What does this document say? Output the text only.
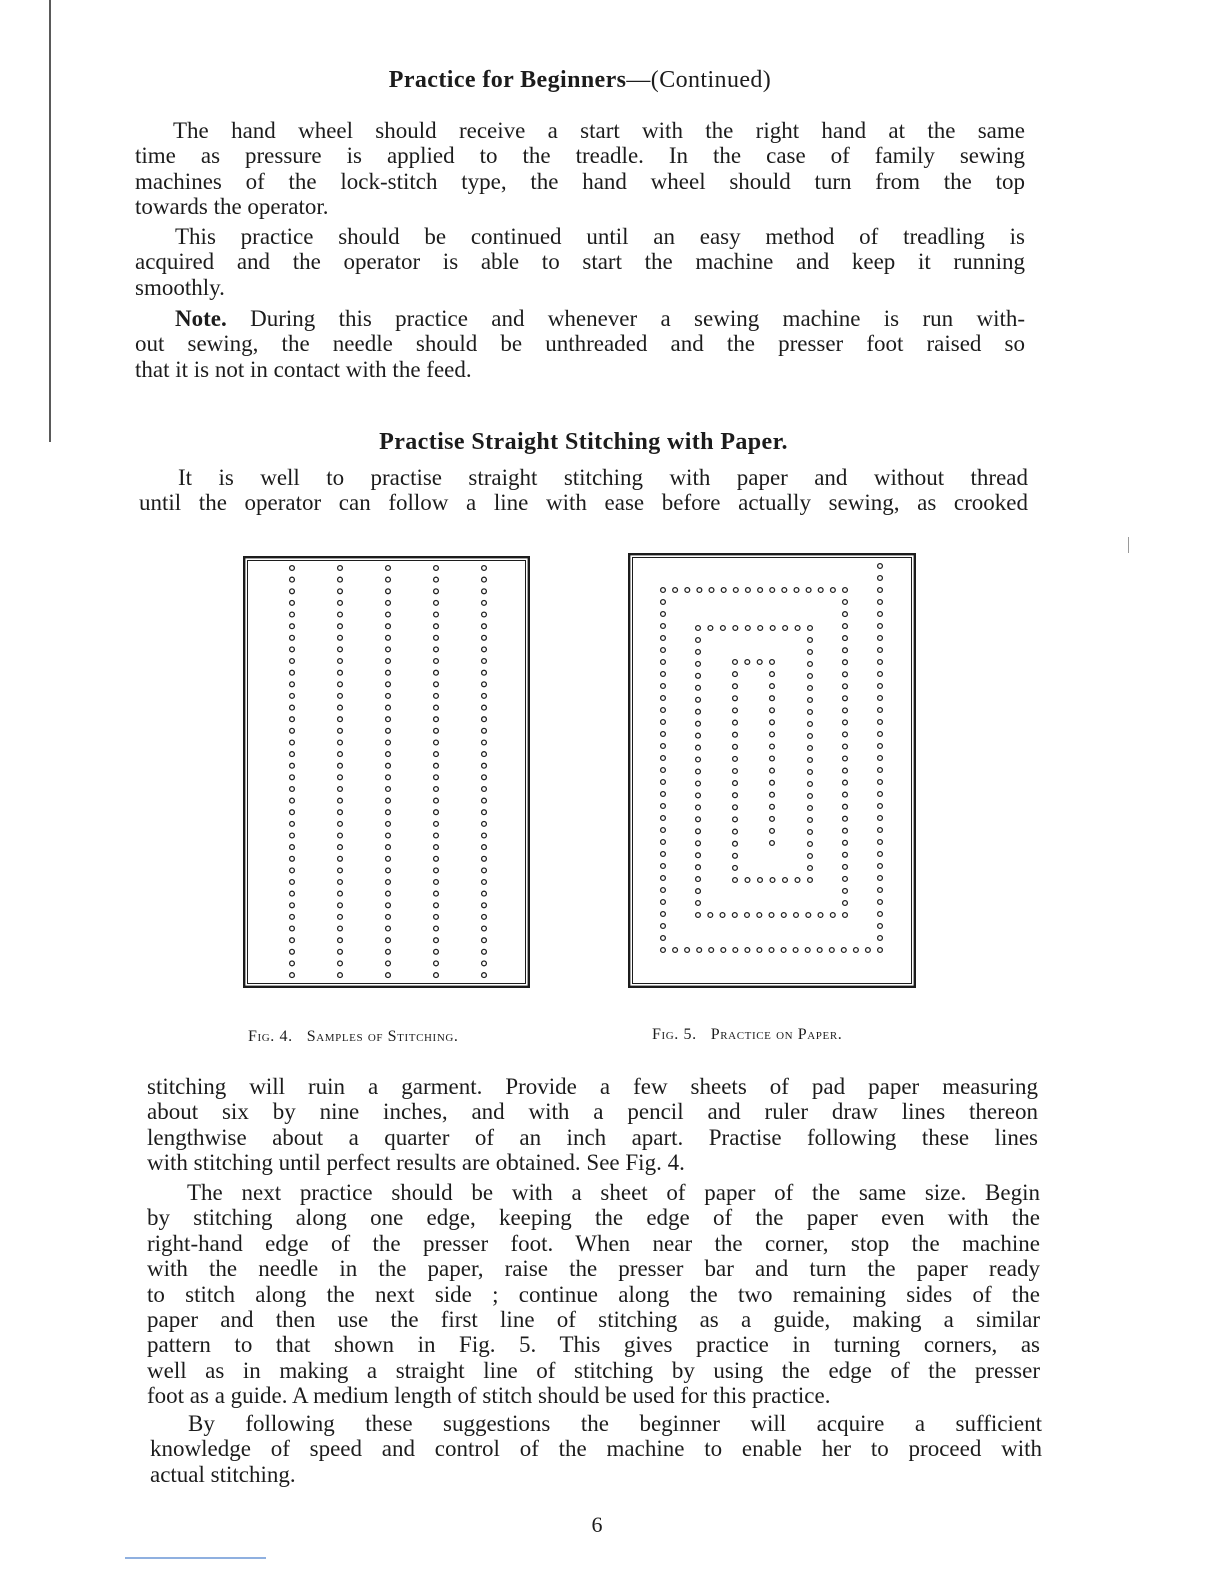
Practice for Beginners—(Continued)
The hand wheel should receive a start with the right hand at the same
time as pressure is applied to the treadle. In the case of family sewing
machines of the lock-stitch type, the hand wheel should turn from the top
towards the operator.
This practice should be continued until an easy method of treadling is
acquired and the operator is able to start the machine and keep it running
smoothly.
Note. During this practice and whenever a sewing machine is run with-
out sewing, the needle should be unthreaded and the presser foot raised so
that it is not in contact with the feed.
Practise Straight Stitching with Paper.
It is well to practise straight stitching with paper and without thread
until the operator can follow a line with ease before actually sewing, as crooked
Fig. 4. Samples of Stitching.	Fig. 5. Practice on Paper.
stitching will ruin a garment. Provide a few sheets of pad paper measuring
about six by nine inches, and with a pencil and ruler draw lines thereon
lengthwise about a quarter of an inch apart. Practise following these lines
with stitching until perfect results are obtained. See Fig. 4.
The next practice should be with a sheet of paper of the same size. Begin
by stitching along one edge, keeping the edge of the paper even with the
right-hand edge of the presser foot. When near the corner, stop the machine
with the needle in the paper, raise the presser bar and turn the paper ready
to stitch along the next side ; continue along the two remaining sides of the
paper and then use the first line of stitching as a guide, making a similar
pattern to that shown in Fig. 5. This gives practice in turning corners, as
well as in making a straight line of stitching by using the edge of the presser
foot as a guide. A medium length of stitch should be used for this practice.
By following these suggestions the beginner will acquire a sufficient
knowledge of speed and control of the machine to enable her to proceed with
actual stitching.
6
